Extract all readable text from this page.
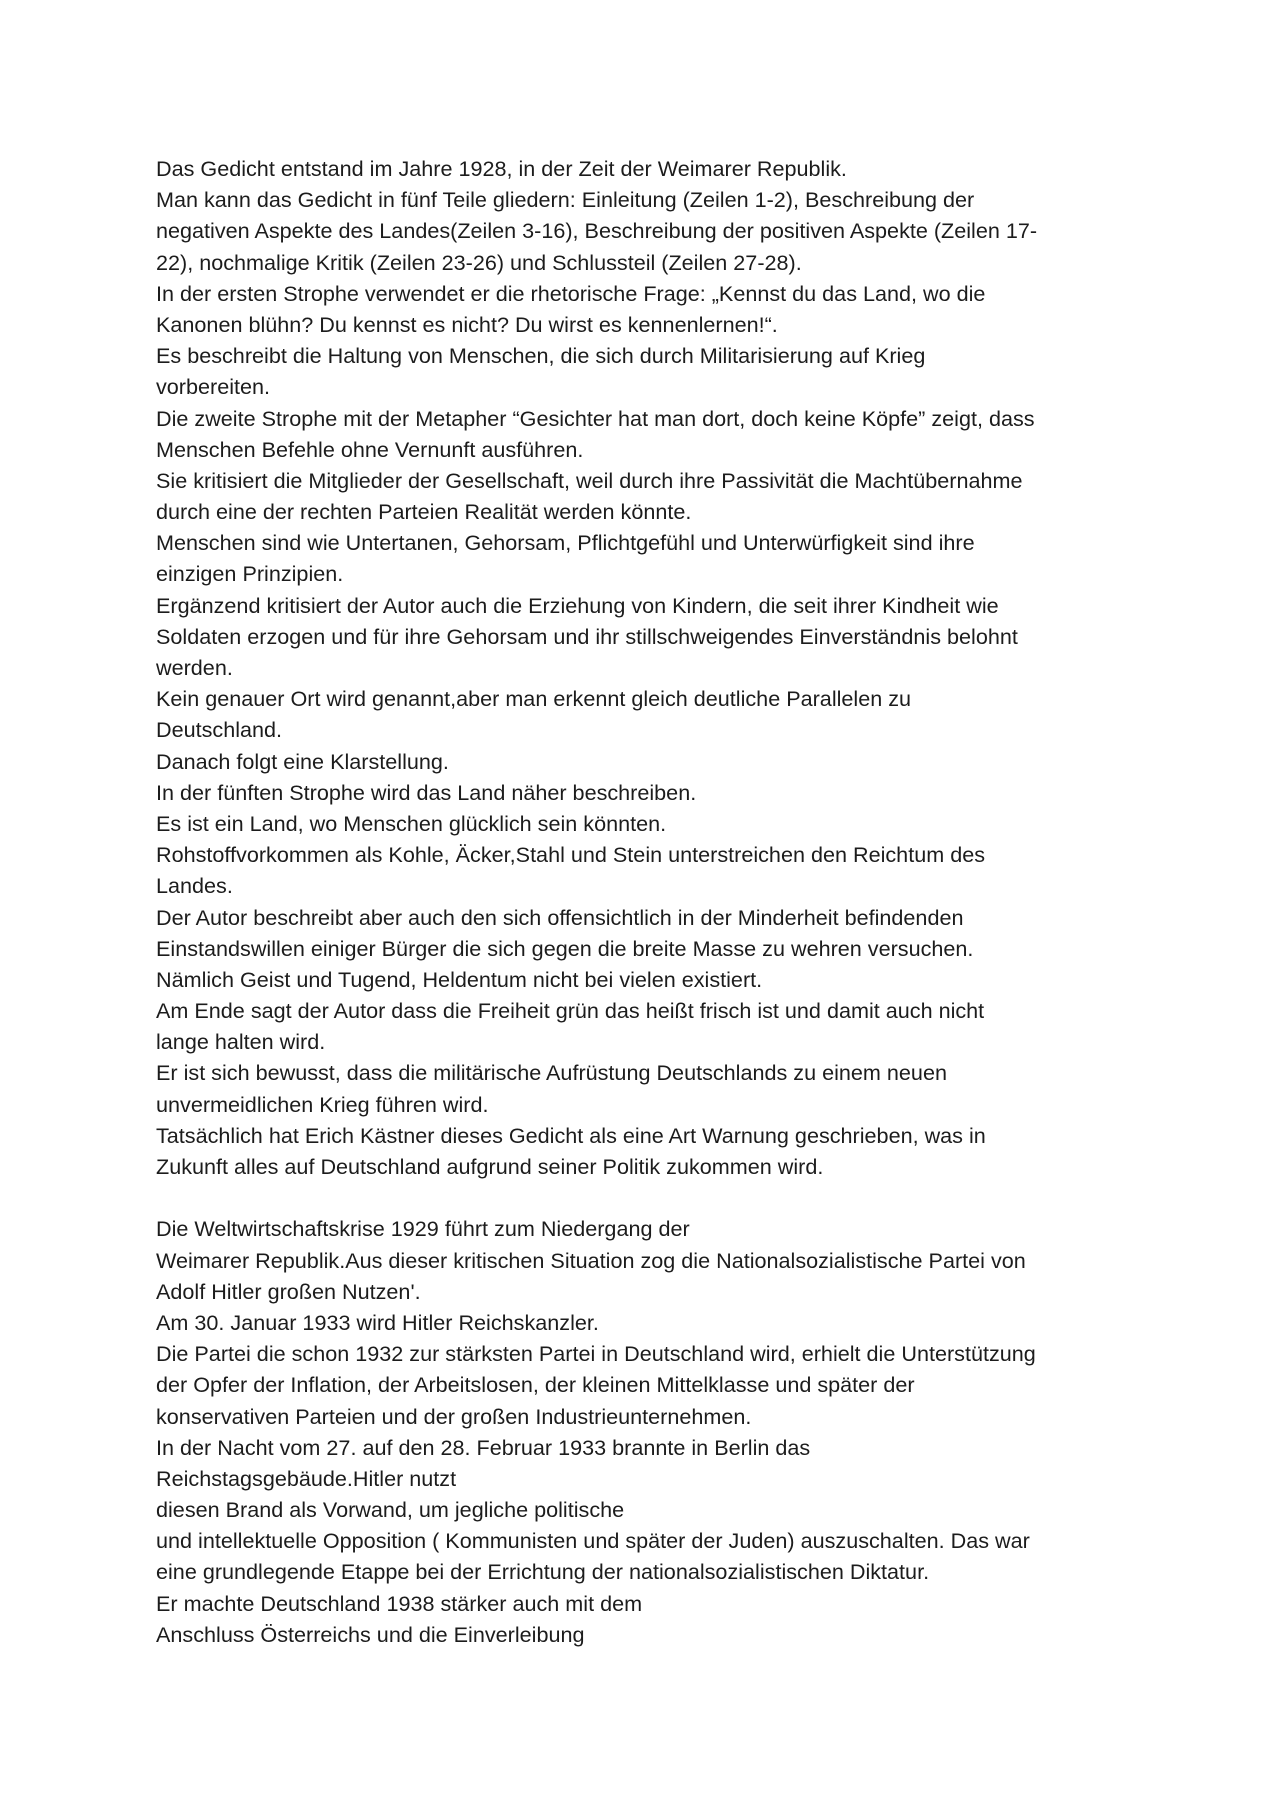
Das Gedicht entstand im Jahre 1928, in der Zeit der Weimarer Republik.
Man kann das Gedicht in fünf Teile gliedern: Einleitung (Zeilen 1-2), Beschreibung der
negativen Aspekte des Landes(Zeilen 3-16), Beschreibung der positiven Aspekte (Zeilen 17-
22), nochmalige Kritik (Zeilen 23-26) und Schlussteil (Zeilen 27-28).
In der ersten Strophe verwendet er die rhetorische Frage: „Kennst du das Land, wo die
Kanonen blühn? Du kennst es nicht? Du wirst es kennenlernen!“.
Es beschreibt die Haltung von Menschen, die sich durch Militarisierung auf Krieg
vorbereiten.
Die zweite Strophe mit der Metapher “Gesichter hat man dort, doch keine Köpfe” zeigt, dass
Menschen Befehle ohne Vernunft ausführen.
Sie kritisiert die Mitglieder der Gesellschaft, weil durch ihre Passivität die Machtübernahme
durch eine der rechten Parteien Realität werden könnte.
Menschen sind wie Untertanen, Gehorsam, Pflichtgefühl und Unterwürfigkeit sind ihre
einzigen Prinzipien.
Ergänzend kritisiert der Autor auch die Erziehung von Kindern, die seit ihrer Kindheit wie
Soldaten erzogen und für ihre Gehorsam und ihr stillschweigendes Einverständnis belohnt
werden.
Kein genauer Ort wird genannt,aber man erkennt gleich deutliche Parallelen zu
Deutschland.
Danach folgt eine Klarstellung.
In der fünften Strophe wird das Land näher beschreiben.
Es ist ein Land, wo Menschen glücklich sein könnten.
Rohstoffvorkommen als Kohle, Äcker,Stahl und Stein unterstreichen den Reichtum des
Landes.
Der Autor beschreibt aber auch den sich offensichtlich in der Minderheit befindenden
Einstandswillen einiger Bürger die sich gegen die breite Masse zu wehren versuchen.
Nämlich Geist und Tugend, Heldentum nicht bei vielen existiert.
Am Ende sagt der Autor dass die Freiheit grün das heißt frisch ist und damit auch nicht
lange halten wird.
Er ist sich bewusst, dass die militärische Aufrüstung Deutschlands zu einem neuen
unvermeidlichen Krieg führen wird.
Tatsächlich hat Erich Kästner dieses Gedicht als eine Art Warnung geschrieben, was in
Zukunft alles auf Deutschland aufgrund seiner Politik zukommen wird.
Die Weltwirtschaftskrise 1929 führt zum Niedergang der
Weimarer Republik.Aus dieser kritischen Situation zog die Nationalsozialistische Partei von
Adolf Hitler großen Nutzen'.
Am 30. Januar 1933 wird Hitler Reichskanzler.
Die Partei die schon 1932 zur stärksten Partei in Deutschland wird, erhielt die Unterstützung
der Opfer der Inflation, der Arbeitslosen, der kleinen Mittelklasse und später der
konservativen Parteien und der großen Industrieunternehmen.
In der Nacht vom 27. auf den 28. Februar 1933 brannte in Berlin das
Reichstagsgebäude.Hitler nutzt
diesen Brand als Vorwand, um jegliche politische
und intellektuelle Opposition ( Kommunisten und später der Juden) auszuschalten. Das war
eine grundlegende Etappe bei der Errichtung der nationalsozialistischen Diktatur.
Er machte Deutschland 1938 stärker auch mit dem
Anschluss Österreichs und die Einverleibung
